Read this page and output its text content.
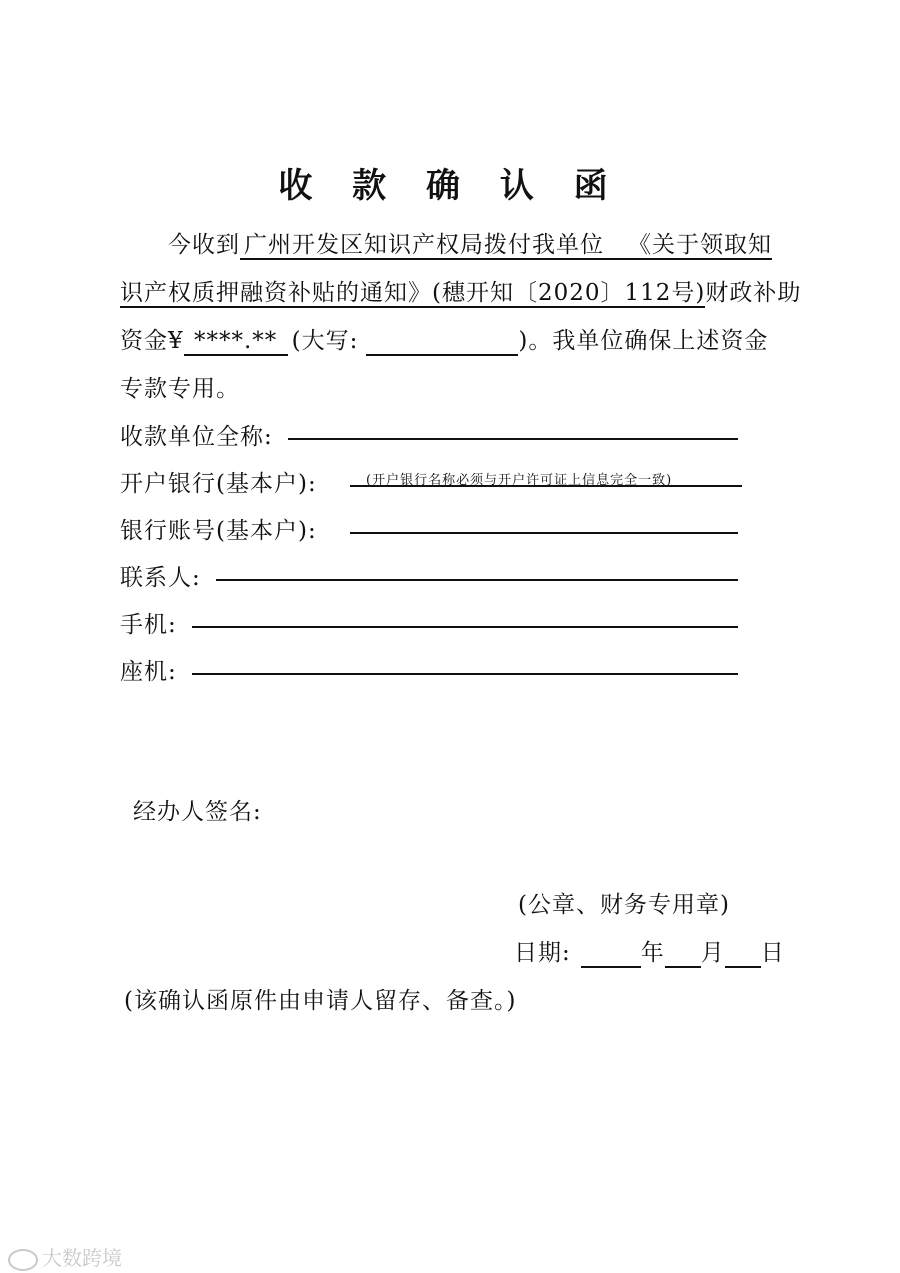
收 款 确 认 函
今收到 广州开发区知识产权局拨付我单位 《关于领取知
识产权质押融资补贴的通知》(穗开知〔2020〕112号)财政补助
资金¥ ****.** (大写:	)。我单位确保上述资金
专款专用。
收款单位全称:
开户银行(基本户):	(开户银行名称必须与开户许可证上信息完全一致)
银行账号(基本户):
联系人:
手机:
座机:
经办人签名:
(公章、财务专用章)
日期:	年 月 日
(该确认函原件由申请人留存、备查。)
大数跨境
